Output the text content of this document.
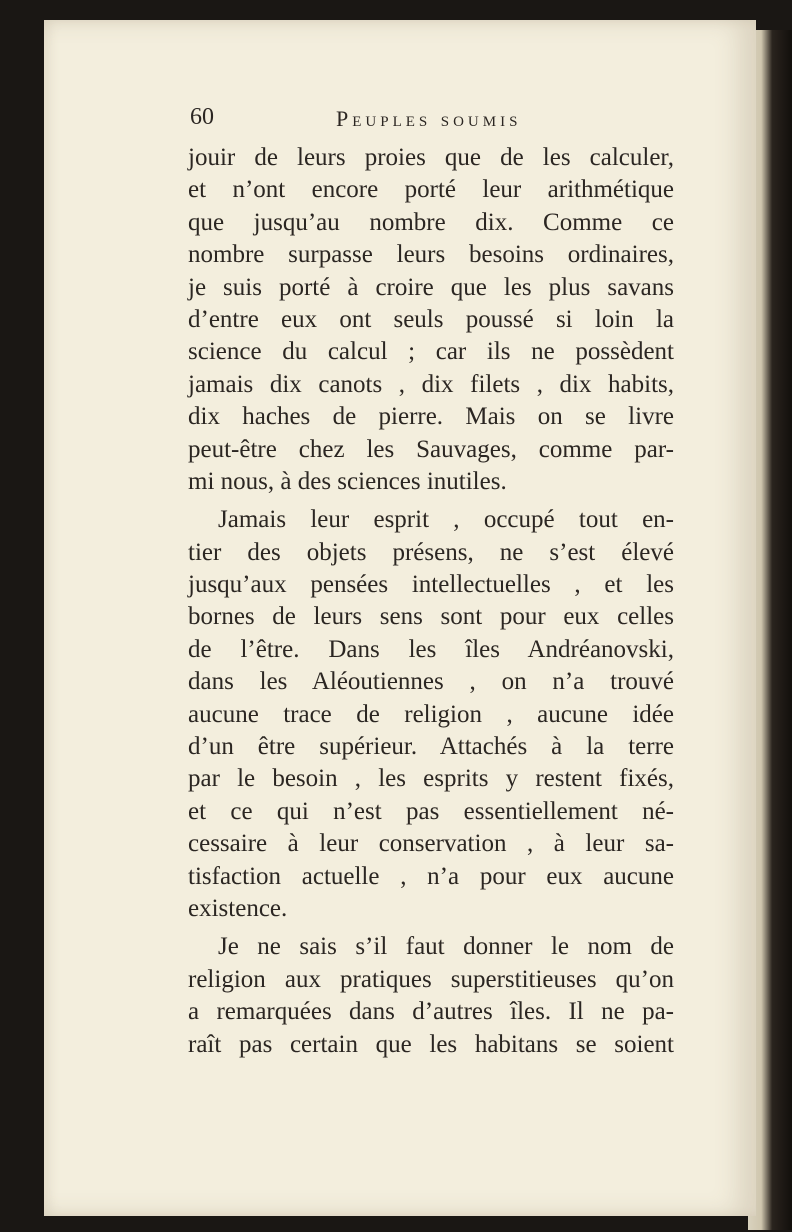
60	Peuples soumis
jouir de leurs proies que de les calculer,
et n’ont encore porté leur arithmétique
que jusqu’au nombre dix. Comme ce
nombre surpasse leurs besoins ordinaires,
je suis porté à croire que les plus savans
d’entre eux ont seuls poussé si loin la
science du calcul ; car ils ne possèdent
jamais dix canots , dix filets , dix habits,
dix haches de pierre. Mais on se livre
peut-être chez les Sauvages, comme par-
mi nous, à des sciences inutiles.
Jamais leur esprit , occupé tout en-
tier des objets présens, ne s’est élevé
jusqu’aux pensées intellectuelles , et les
bornes de leurs sens sont pour eux celles
de l’être. Dans les îles Andréanovski,
dans les Aléoutiennes , on n’a trouvé
aucune trace de religion , aucune idée
d’un être supérieur. Attachés à la terre
par le besoin , les esprits y restent fixés,
et ce qui n’est pas essentiellement né-
cessaire à leur conservation , à leur sa-
tisfaction actuelle , n’a pour eux aucune
existence.
Je ne sais s’il faut donner le nom de
religion aux pratiques superstitieuses qu’on
a remarquées dans d’autres îles. Il ne pa-
raît pas certain que les habitans se soient
